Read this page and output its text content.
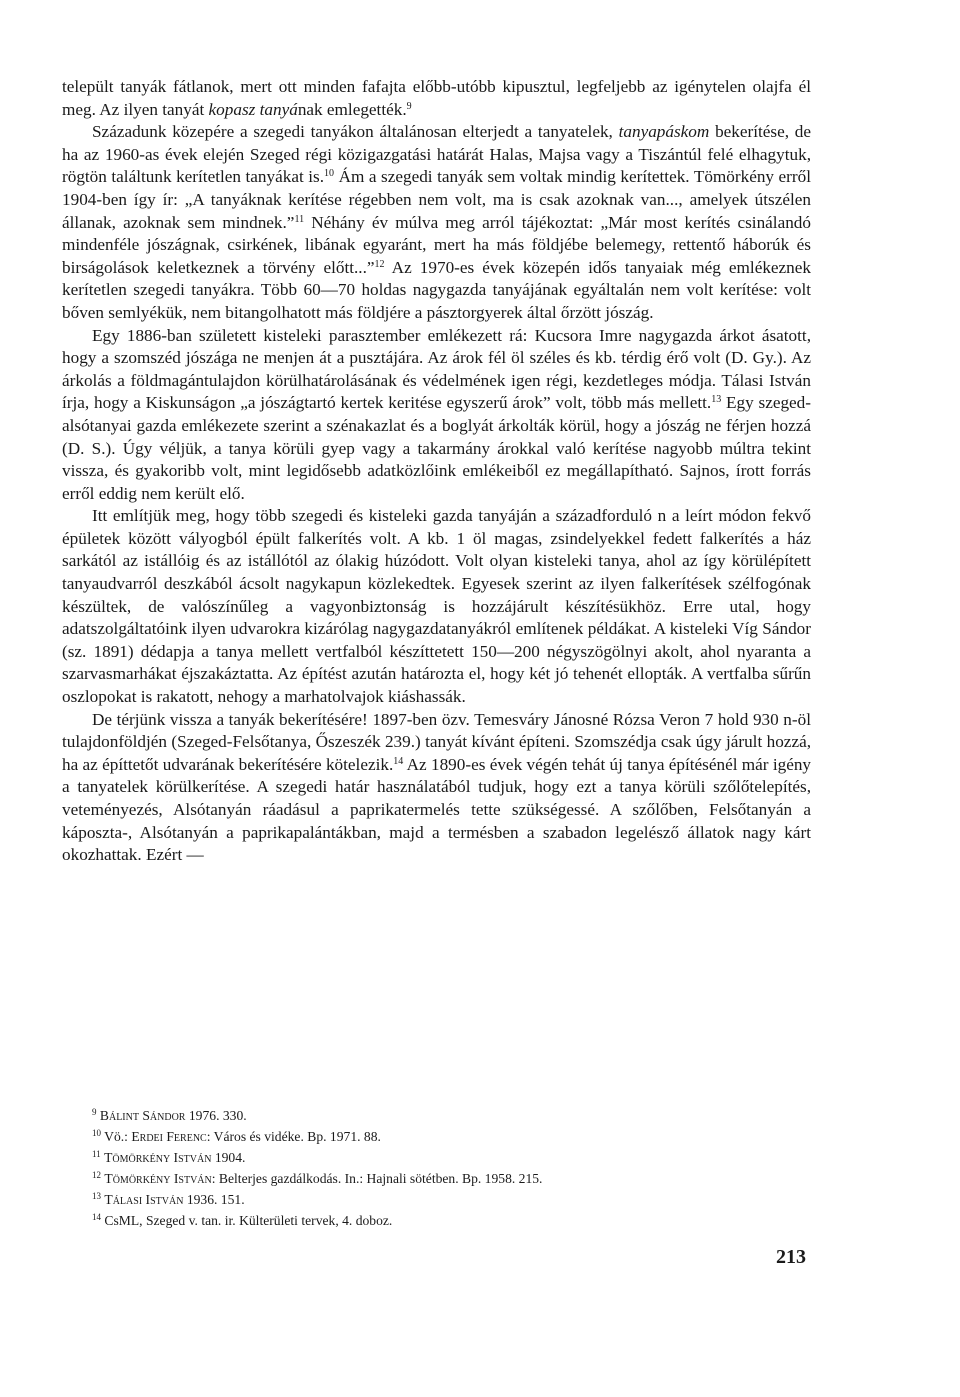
települt tanyák fátlanok, mert ott minden fafajta előbb-utóbb kipusztul, legfeljebb az igénytelen olajfa él meg. Az ilyen tanyát kopasz tanyának emlegették.$^9$

Századunk közepére a szegedi tanyákon általánosan elterjedt a tanyatelek, tanyapáskom bekerítése, de ha az 1960-as évek elején Szeged régi közigazgatási határát Halas, Majsa vagy a Tiszántúl felé elhagytuk, rögtön találtunk kerítetlen tanyákat is.$^{10}$ Ám a szegedi tanyák sem voltak mindig kerítettek. Tömörkény erről 1904-ben így ír: „A tanyáknak kerítése régebben nem volt, ma is csak azoknak van..., amelyek útszélen állanak, azoknak sem mindnek.”$^{11}$ Néhány év múlva meg arról tájékoztat: „Már most kerítés csinálandó mindenféle jószágnak, csirkének, libának egyaránt, mert ha más földjébe belemegy, rettentő háborúk és birságolások keletkeznek a törvény előtt...”$^{12}$ Az 1970-es évek közepén idős tanyaiak még emlékeznek kerítetlen szegedi tanyákra. Több 60—70 holdas nagygazda tanyájának egyáltalán nem volt kerítése: volt bőven semlyékük, nem bitangolhatott más földjére a pásztorgyerek által őrzött jószág.

Egy 1886-ban született kisteleki parasztember emlékezett rá: Kucsora Imre nagygazda árkot ásatott, hogy a szomszéd jószága ne menjen át a pusztájára. Az árok fél öl széles és kb. térdig érő volt (D. Gy.). Az árkolás a földmagántulajdon körülhatárolásának és védelmének igen régi, kezdetleges módja. Tálasi István írja, hogy a Kiskunságon „a jószágtartó kertek keritése egyszerű árok” volt, több más mellett.$^{13}$ Egy szeged-alsótanyai gazda emlékezete szerint a szénakazlat és a boglyát árkolták körül, hogy a jószág ne férjen hozzá (D. S.). Úgy véljük, a tanya körüli gyep vagy a takarmány árokkal való kerítése nagyobb múltra tekint vissza, és gyakoribb volt, mint legidősebb adatközlőink emlékeiből ez megállapítható. Sajnos, írott forrás erről eddig nem került elő.

Itt említjük meg, hogy több szegedi és kisteleki gazda tanyáján a századforduló n a leírt módon fekvő épületek között vályogból épült falkerítés volt. A kb. 1 öl magas, zsindelyekkel fedett falkerítés a ház sarkától az istállóig és az istállótól az ólakig húzódott. Volt olyan kisteleki tanya, ahol az így körülépített tanyaudvarról deszkából ácsolt nagykapun közlekedtek. Egyesek szerint az ilyen falkerítések szélfogónak készültek, de valószínűleg a vagyonbiztonság is hozzájárult készítésükhöz. Erre utal, hogy adatszolgáltatóink ilyen udvarokra kizárólag nagygazdatanyákról említenek példákat. A kisteleki Víg Sándor (sz. 1891) dédapja a tanya mellett vertfalból készíttetett 150—200 négyszögölnyi akolt, ahol nyaranta a szarvasmarhákat éjszakáztatta. Az építést azután határozta el, hogy két jó tehenét ellopták. A vertfalba sűrűn oszlopokat is rakatott, nehogy a marhatolvajok kiáshassák.

De térjünk vissza a tanyák bekerítésére! 1897-ben özv. Temesváry Jánosné Rózsa Veron 7 hold 930 n-öl tulajdonföldjén (Szeged-Felsőtanya, Őszeszék 239.) tanyát kívánt építeni. Szomszédja csak úgy járult hozzá, ha az építtetőt udvarának bekerítésére kötelezik.$^{14}$ Az 1890-es évek végén tehát új tanya építésénél már igény a tanyatelek körülkerítése. A szegedi határ használatából tudjuk, hogy ezt a tanya körüli szőlőtelepítés, veteményezés, Alsótanyán ráadásul a paprikatermelés tette szükségessé. A szőlőben, Felsőtanyán a káposzta-, Alsótanyán a paprikapalántákban, majd a termésben a szabadon legelésző állatok nagy kárt okozhattak. Ezért —

$^9$ Bálint Sándor 1976. 330.
$^{10}$ Vö.: Erdei Ferenc: Város és vidéke. Bp. 1971. 88.
$^{11}$ Tömörkény István 1904.
$^{12}$ Tömörkény István: Belterjes gazdálkodás. In.: Hajnali sötétben. Bp. 1958. 215.
$^{13}$ Tálasi István 1936. 151.
$^{14}$ CsML, Szeged v. tan. ir. Külterületi tervek, 4. doboz.
213
